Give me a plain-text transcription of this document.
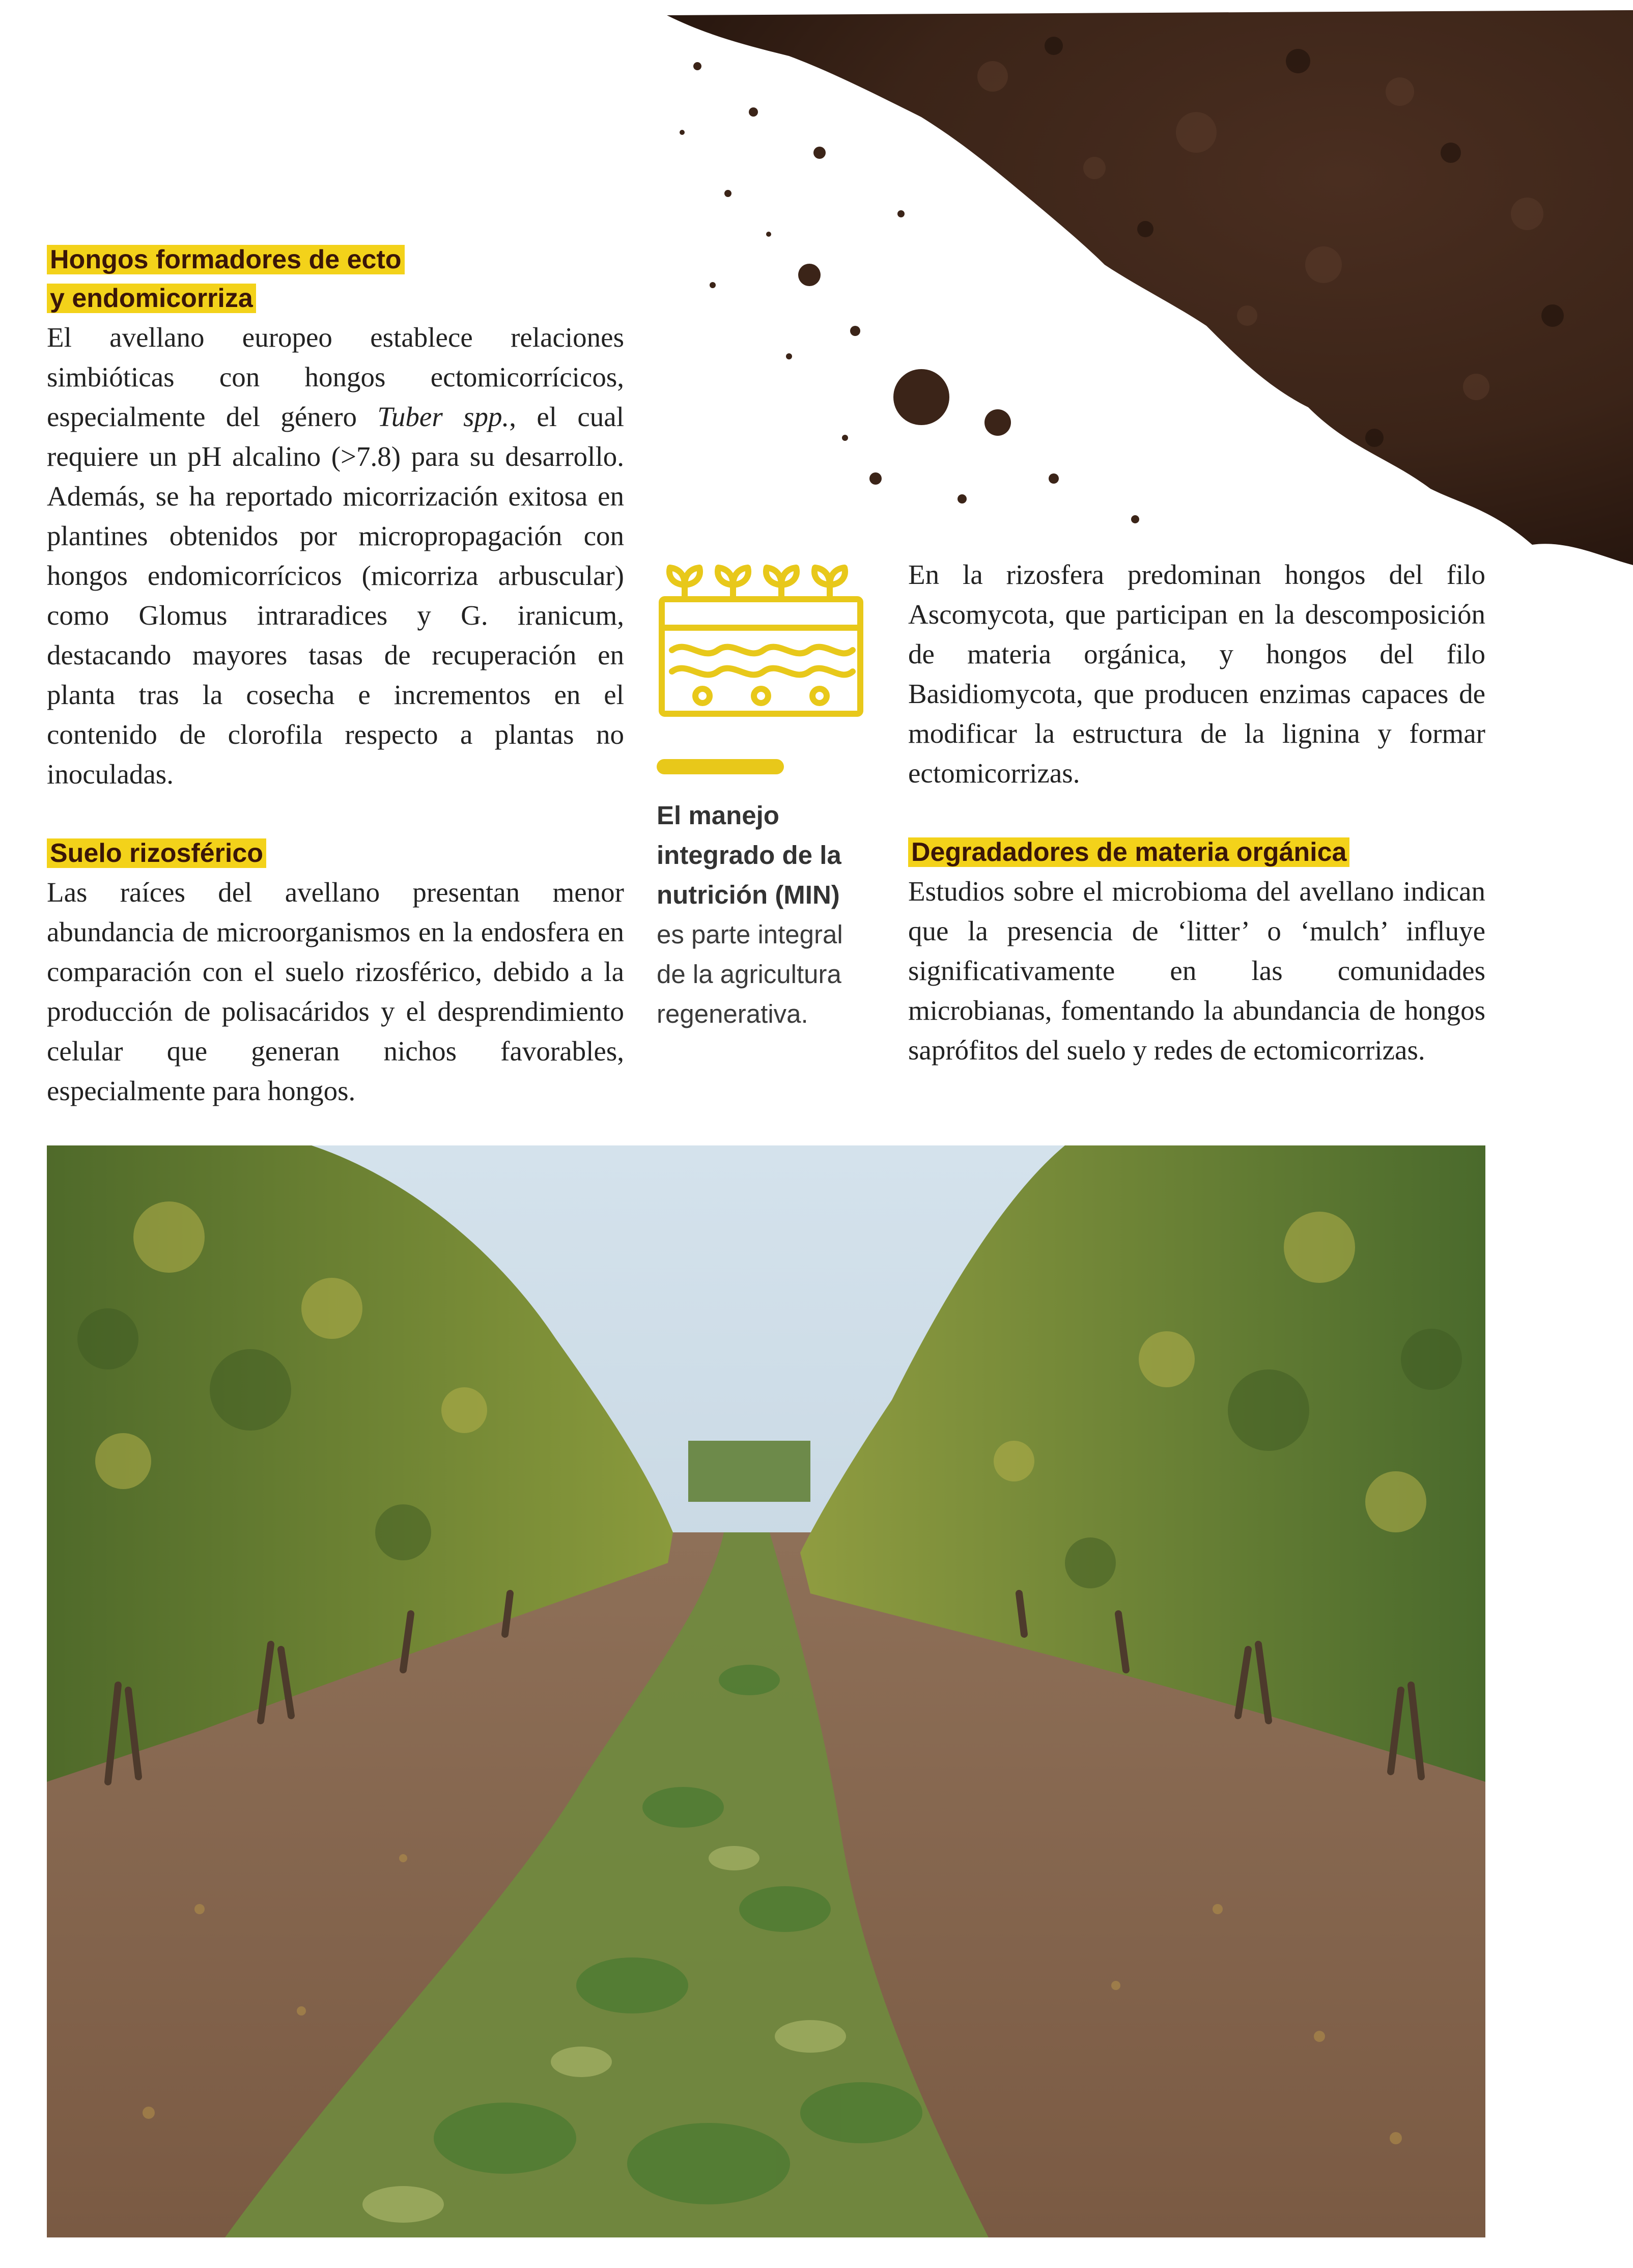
Hongos formadores de ecto
y endomicorriza
El avellano europeo establece relaciones simbióticas con hongos ectomicorrícicos, especialmente del género Tuber spp., el cual requiere un pH alcalino (>7.8) para su desarrollo. Además, se ha reportado micorrización exitosa en plantines obtenidos por micropropagación con hongos endomicorrícicos (micorriza arbuscular) como Glomus intraradices y G. iranicum, destacando mayores tasas de recuperación en planta tras la cosecha e incrementos en el contenido de clorofila respecto a plantas no inoculadas.
Suelo rizosférico
Las raíces del avellano presentan menor abundancia de microorganismos en la endosfera en comparación con el suelo rizosférico, debido a la producción de polisacáridos y el desprendimiento celular que generan nichos favorables, especialmente para hongos.
El manejo integrado de la nutrición (MIN) es parte integral de la agricultura regenerativa.
En la rizosfera predominan hongos del filo Ascomycota, que participan en la descomposición de materia orgánica, y hongos del filo Basidiomycota, que producen enzimas capaces de modificar la estructura de la lignina y formar ectomicorrizas.
Degradadores de materia orgánica
Estudios sobre el microbioma del avellano indican que la presencia de ‘litter’ o ‘mulch’ influye significativamente en las comunidades microbianas, fomentando la abundancia de hongos saprófitos del suelo y redes de ectomicorrizas.
